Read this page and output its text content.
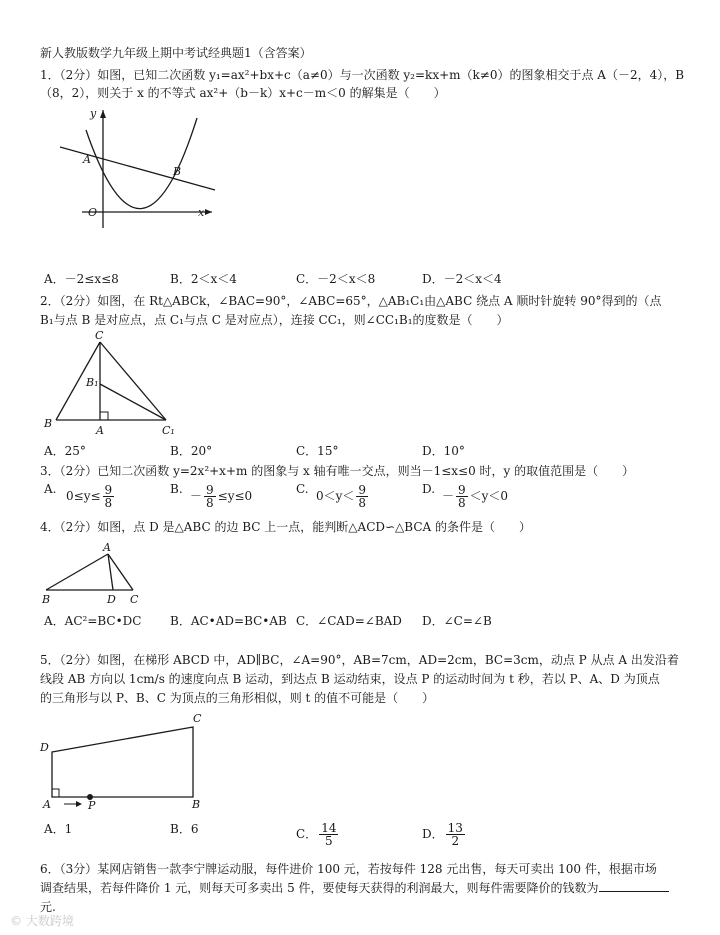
新人教版数学九年级上期中考试经典题1（含答案）
1．（2分）如图，已知二次函数 y₁=ax²+bx+c（a≠0）与一次函数 y₂=kx+m（k≠0）的图象相交于点 A（－2，4），B
（8，2），则关于 x 的不等式 ax²+（b－k）x+c－m＜0 的解集是（　　）
y
A
B
O	x
A．－2≤x≤8	B．2＜x＜4	C．－2＜x＜8	D．－2＜x＜4
2．（2分）如图，在 Rt△ABCk，∠BAC=90°，∠ABC=65°，△AB₁C₁由△ABC 绕点 A 顺时针旋转 90°得到的（点
B₁与点 B 是对应点，点 C₁与点 C 是对应点），连接 CC₁，则∠CC₁B₁的度数是（　　）
C
B₁
B
A	C₁
A．25°	B．20°	C．15°	D．10°
3．（2分）已知二次函数 y=2x²+x+m 的图象与 x 轴有唯一交点，则当－1≤x≤0 时，y 的取值范围是（　　）
A. $0\le y\le \frac{9}{8}$	B. － $\frac{9}{8} \le y\le 0$	C. $0<y< \frac{9}{8}$	D. － $\frac{9}{8} <y<0$
4．（2分）如图，点 D 是△ABC 的边 BC 上一点，能判断△ACD∽△BCA 的条件是（　　）
A
B	D C
A．AC²=BC•DC B．AC•AD=BC•AB C．∠CAD=∠BAD D．∠C=∠B
5．（2分）如图，在梯形 ABCD 中，AD∥BC，∠A=90°，AB=7cm，AD=2cm，BC=3cm，动点 P 从点 A 出发沿着
线段 AB 方向以 1cm/s 的速度向点 B 运动，到达点 B 运动结束，设点 P 的运动时间为 t 秒，若以 P、A、D 为顶点
的三角形与以 P、B、C 为顶点的三角形相似，则 t 的值不可能是（　　）
C
D
A	P	B
A．1	B．6	C． $\frac{14}{5}$	D． $\frac{13}{2}$
6．（3分）某网店销售一款李宁牌运动服，每件进价 100 元，若按每件 128 元出售，每天可卖出 100 件，根据市场
调查结果，若每件降价 1 元，则每天可多卖出 5 件，要使每天获得的利润最大，则每件需要降价的钱数为
元.
© 大数跨境
